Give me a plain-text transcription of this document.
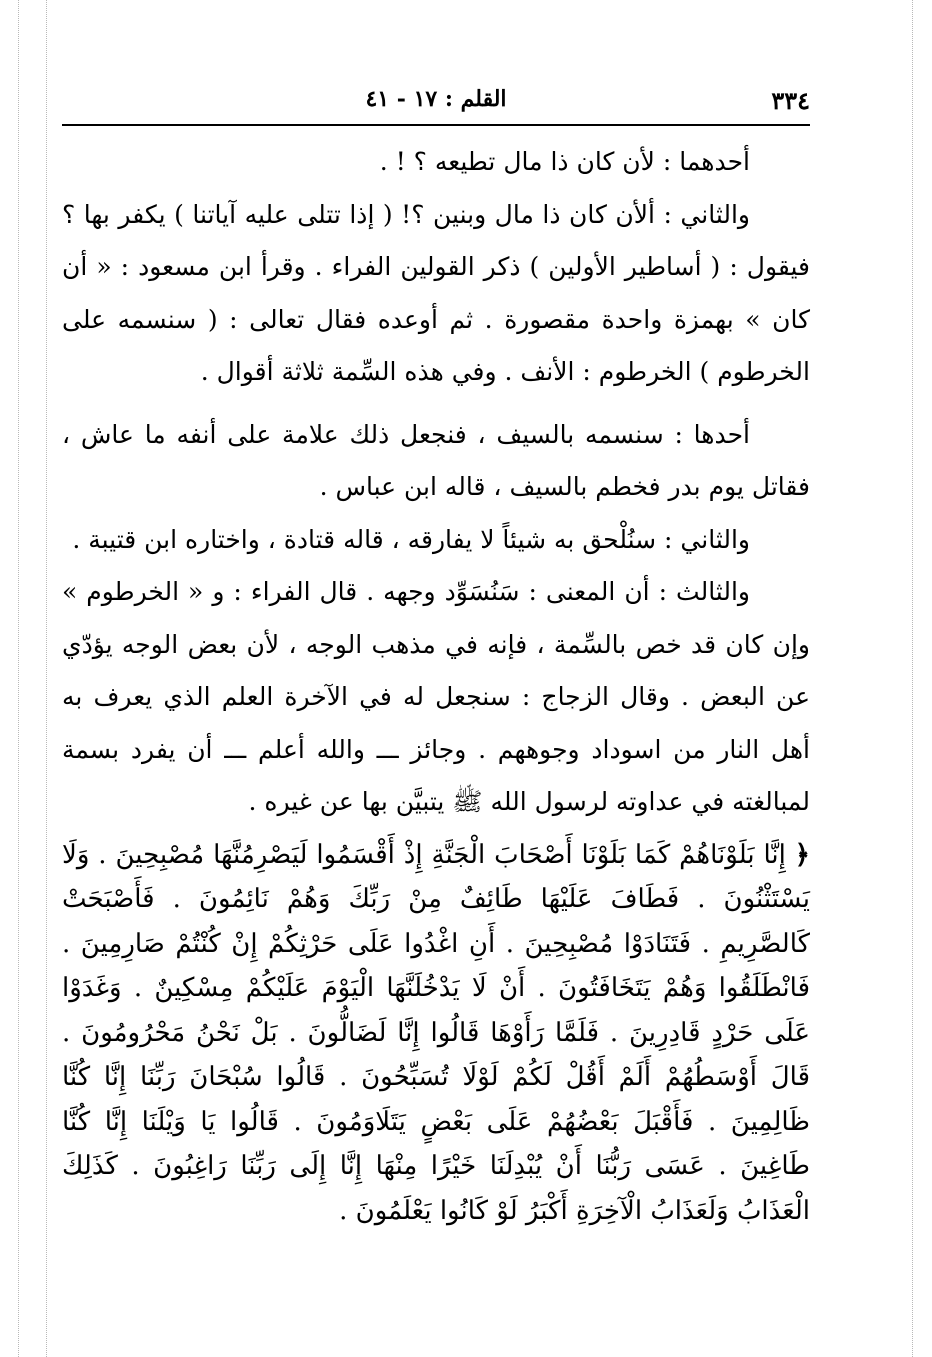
٣٣٤
القلم : ١٧ - ٤١

أحدهما : لأن كان ذا مال تطيعه ؟ ! .

والثاني : ألأن كان ذا مال وبنين ؟! ( إذا تتلى عليه آياتنا ) يكفر بها ؟ فيقول : ( أساطير الأولين ) ذكر القولين الفراء . وقرأ ابن مسعود : « أن كان » بهمزة واحدة مقصورة . ثم أوعده فقال تعالى : ( سنسمه على الخرطوم ) الخرطوم : الأنف . وفي هذه السِّمة ثلاثة أقوال .

أحدها : سنسمه بالسيف ، فنجعل ذلك علامة على أنفه ما عاش ، فقاتل يوم بدر فخطم بالسيف ، قاله ابن عباس .

والثاني : سنُلْحق به شيئاً لا يفارقه ، قاله قتادة ، واختاره ابن قتيبة .

والثالث : أن المعنى : سَنُسَوِّد وجهه . قال الفراء : و « الخرطوم » وإن كان قد خص بالسِّمة ، فإنه في مذهب الوجه ، لأن بعض الوجه يؤدّي عن البعض . وقال الزجاج : سنجعل له في الآخرة العلم الذي يعرف به أهل النار من اسوداد وجوههم . وجائز ـــ والله أعلم ـــ أن يفرد بسمة لمبالغته في عداوته لرسول الله ﷺ يتبيَّن بها عن غيره .

﴿ إِنَّا بَلَوْنَاهُمْ كَمَا بَلَوْنَا أَصْحَابَ الْجَنَّةِ إِذْ أَقْسَمُوا لَيَصْرِمُنَّهَا مُصْبِحِينَ . وَلَا يَسْتَثْنُونَ . فَطَافَ عَلَيْهَا طَائِفٌ مِنْ رَبِّكَ وَهُمْ نَائِمُونَ . فَأَصْبَحَتْ كَالصَّرِيمِ . فَتَنَادَوْا مُصْبِحِينَ . أَنِ اغْدُوا عَلَى حَرْثِكُمْ إِنْ كُنْتُمْ صَارِمِينَ . فَانْطَلَقُوا وَهُمْ يَتَخَافَتُونَ . أَنْ لَا يَدْخُلَنَّهَا الْيَوْمَ عَلَيْكُمْ مِسْكِينٌ . وَغَدَوْا عَلَى حَرْدٍ قَادِرِينَ . فَلَمَّا رَأَوْهَا قَالُوا إِنَّا لَضَالُّونَ . بَلْ نَحْنُ مَحْرُومُونَ . قَالَ أَوْسَطُهُمْ أَلَمْ أَقُلْ لَكُمْ لَوْلَا تُسَبِّحُونَ . قَالُوا سُبْحَانَ رَبِّنَا إِنَّا كُنَّا ظَالِمِينَ . فَأَقْبَلَ بَعْضُهُمْ عَلَى بَعْضٍ يَتَلَاوَمُونَ . قَالُوا يَا وَيْلَنَا إِنَّا كُنَّا طَاغِينَ . عَسَى رَبُّنَا أَنْ يُبْدِلَنَا خَيْرًا مِنْهَا إِنَّا إِلَى رَبِّنَا رَاغِبُونَ . كَذَلِكَ الْعَذَابُ وَلَعَذَابُ الْآخِرَةِ أَكْبَرُ لَوْ كَانُوا يَعْلَمُونَ .
